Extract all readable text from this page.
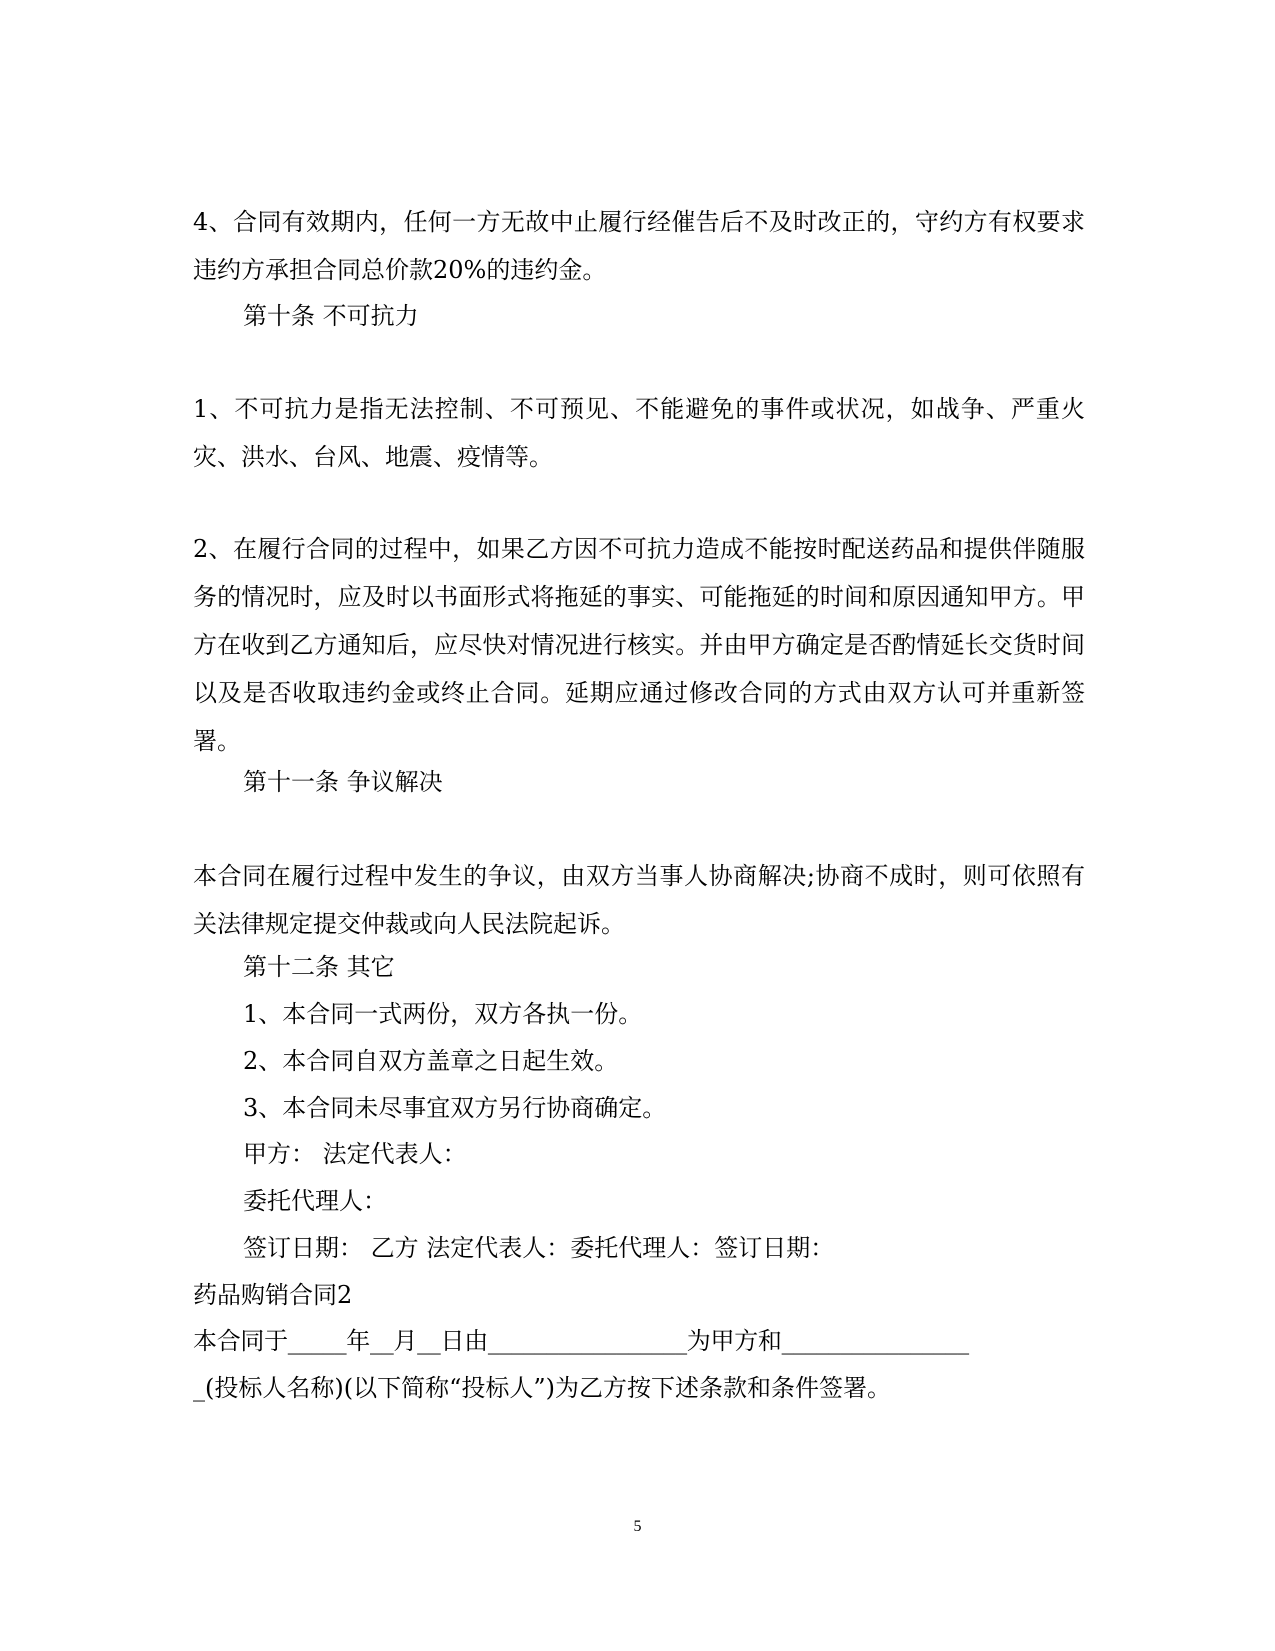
4、合同有效期内，任何一方无故中止履行经催告后不及时改正的，守约方有权要求违约方承担合同总价款20%的违约金。

第十条 不可抗力

1、不可抗力是指无法控制、不可预见、不能避免的事件或状况，如战争、严重火灾、洪水、台风、地震、疫情等。

2、在履行合同的过程中，如果乙方因不可抗力造成不能按时配送药品和提供伴随服务的情况时，应及时以书面形式将拖延的事实、可能拖延的时间和原因通知甲方。甲方在收到乙方通知后，应尽快对情况进行核实。并由甲方确定是否酌情延长交货时间以及是否收取违约金或终止合同。延期应通过修改合同的方式由双方认可并重新签署。

第十一条 争议解决

本合同在履行过程中发生的争议，由双方当事人协商解决;协商不成时，则可依照有关法律规定提交仲裁或向人民法院起诉。

第十二条 其它

1、本合同一式两份，双方各执一份。

2、本合同自双方盖章之日起生效。

3、本合同未尽事宜双方另行协商确定。

甲方： 法定代表人：

委托代理人：

签订日期： 乙方 法定代表人：委托代理人：签订日期：

药品购销合同2

本合同于_____年__月__日由_________________为甲方和________________

_(投标人名称)(以下简称“投标人”)为乙方按下述条款和条件签署。

5
